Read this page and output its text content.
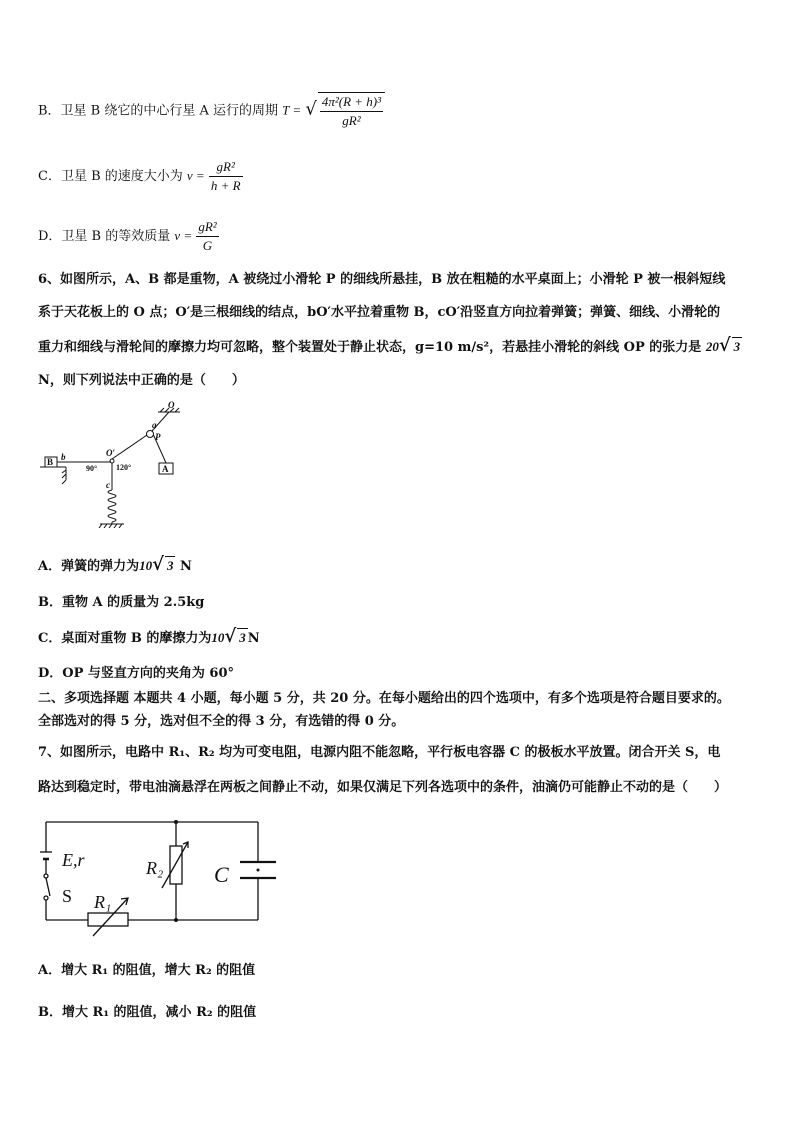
B．卫星 B 绕它的中心行星 A 运行的周期 T = √ $\frac{\text{4π²(R + h)³}}{\text{gR²}}$
C．卫星 B 的速度大小为 $v = \frac{\text{gR²}}{h + R}$
D．卫星 B 的等效质量 $v = \frac{\text{gR²}}{G}$
6、如图所示，A、B 都是重物，A 被绕过小滑轮 P 的细线所悬挂，B 放在粗糙的水平桌面上；小滑轮 P 被一根斜短线
系于天花板上的 O 点；O′是三根细线的结点，bO′水平拉着重物 B，cO′沿竖直方向拉着弹簧；弹簧、细线、小滑轮的
重力和细线与滑轮间的摩擦力均可忽略，整个装置处于静止状态，g=10 m/s²，若悬挂小滑轮的斜线 OP 的张力是 20√ 3
N，则下列说法中正确的是（　　）
O
a
P
A
B b	O′
c
90° 120°
A．弹簧的弹力为10√ 3 N
B．重物 A 的质量为 2.5kg
C．桌面对重物 B 的摩擦力为10√ 3 N
D．OP 与竖直方向的夹角为 60°
二、多项选择题 本题共 4 小题，每小题 5 分，共 20 分。在每小题给出的四个选项中，有多个选项是符合题目要求的。
全部选对的得 5 分，选对但不全的得 3 分，有选错的得 0 分。
7、如图所示，电路中 R₁、R₂ 均为可变电阻，电源内阻不能忽略，平行板电容器 C 的极板水平放置。闭合开关 S，电
路达到稳定时，带电油滴悬浮在两板之间静止不动，如果仅满足下列各选项中的条件，油滴仍可能静止不动的是（　　）
E,r
S R₁
R₂ C
A．增大 R₁ 的阻值，增大 R₂ 的阻值
B．增大 R₁ 的阻值，减小 R₂ 的阻值
